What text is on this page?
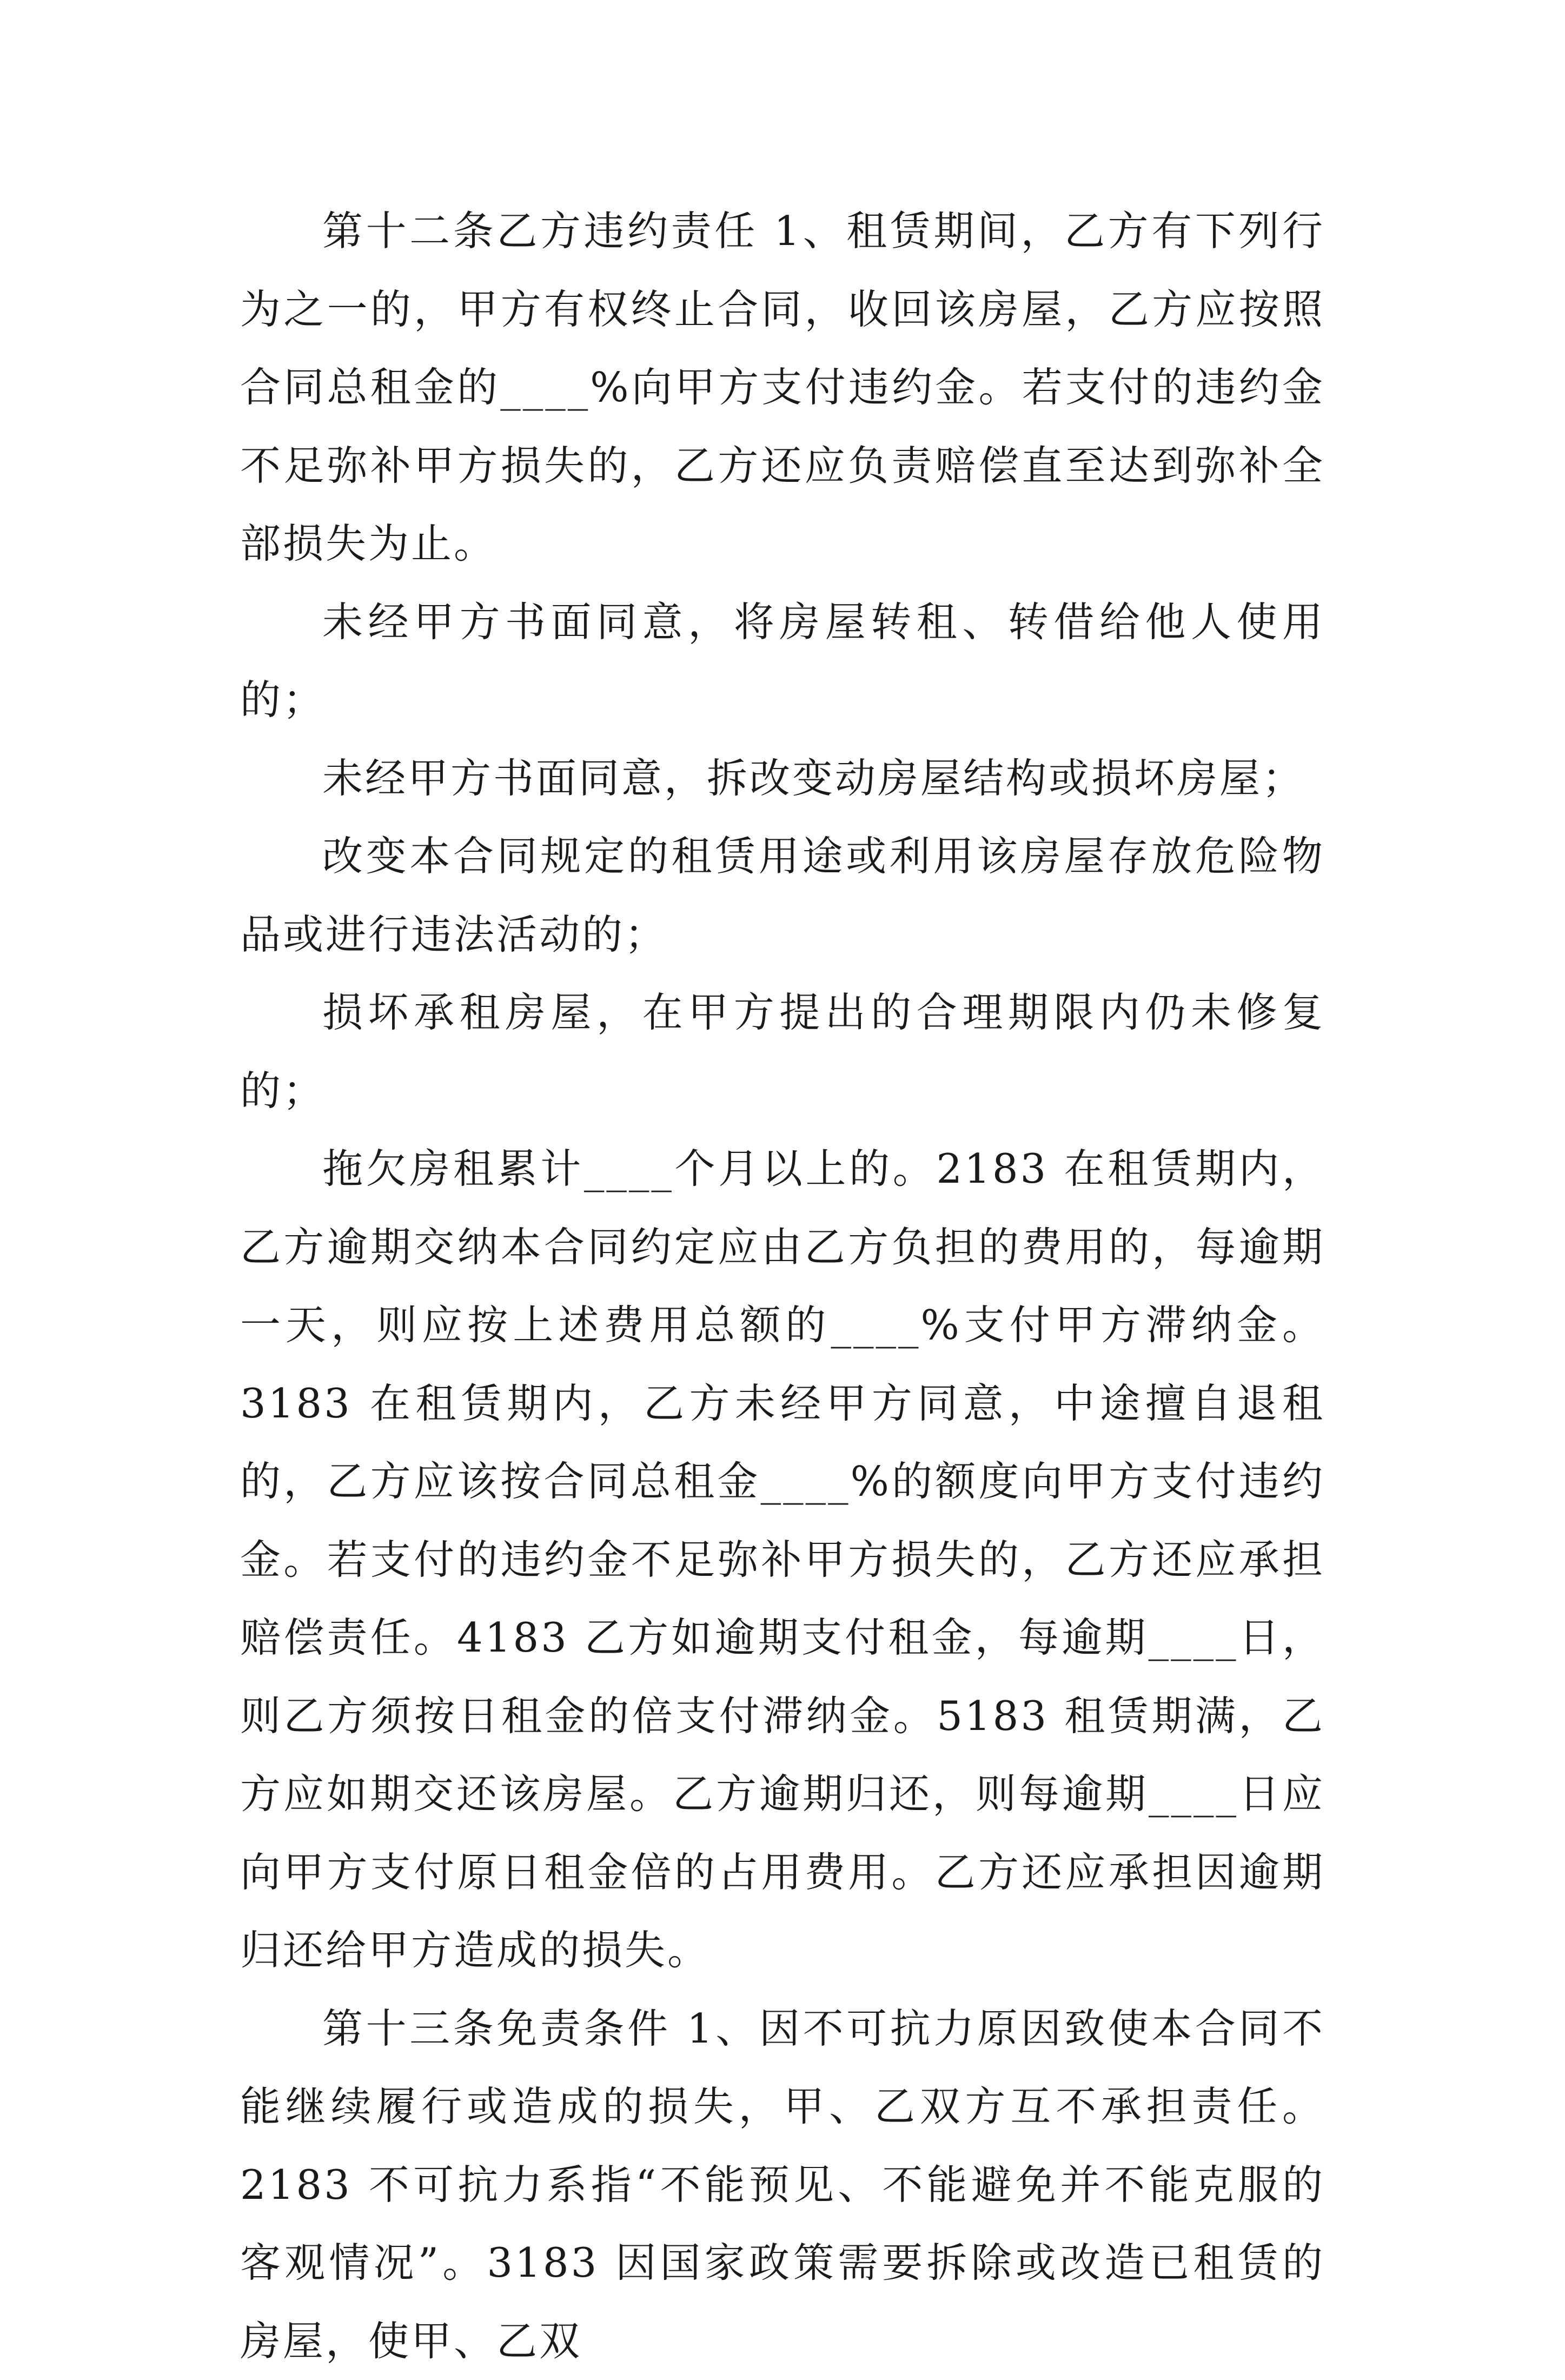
第十二条乙方违约责任 1、租赁期间，乙方有下列行为之一的，甲方有权终止合同，收回该房屋，乙方应按照合同总租金的____%向甲方支付违约金。若支付的违约金不足弥补甲方损失的，乙方还应负责赔偿直至达到弥补全部损失为止。

未经甲方书面同意，将房屋转租、转借给他人使用的；

未经甲方书面同意，拆改变动房屋结构或损坏房屋；

改变本合同规定的租赁用途或利用该房屋存放危险物品或进行违法活动的；

损坏承租房屋，在甲方提出的合理期限内仍未修复的；

拖欠房租累计____个月以上的。2183 在租赁期内，乙方逾期交纳本合同约定应由乙方负担的费用的，每逾期一天，则应按上述费用总额的____%支付甲方滞纳金。3183 在租赁期内，乙方未经甲方同意，中途擅自退租的，乙方应该按合同总租金____%的额度向甲方支付违约金。若支付的违约金不足弥补甲方损失的，乙方还应承担赔偿责任。4183 乙方如逾期支付租金，每逾期____日，则乙方须按日租金的倍支付滞纳金。5183 租赁期满，乙方应如期交还该房屋。乙方逾期归还，则每逾期____日应向甲方支付原日租金倍的占用费用。乙方还应承担因逾期归还给甲方造成的损失。

第十三条免责条件 1、因不可抗力原因致使本合同不能继续履行或造成的损失，甲、乙双方互不承担责任。2183 不可抗力系指“不能预见、不能避免并不能克服的客观情况”。3183 因国家政策需要拆除或改造已租赁的房屋，使甲、乙双
